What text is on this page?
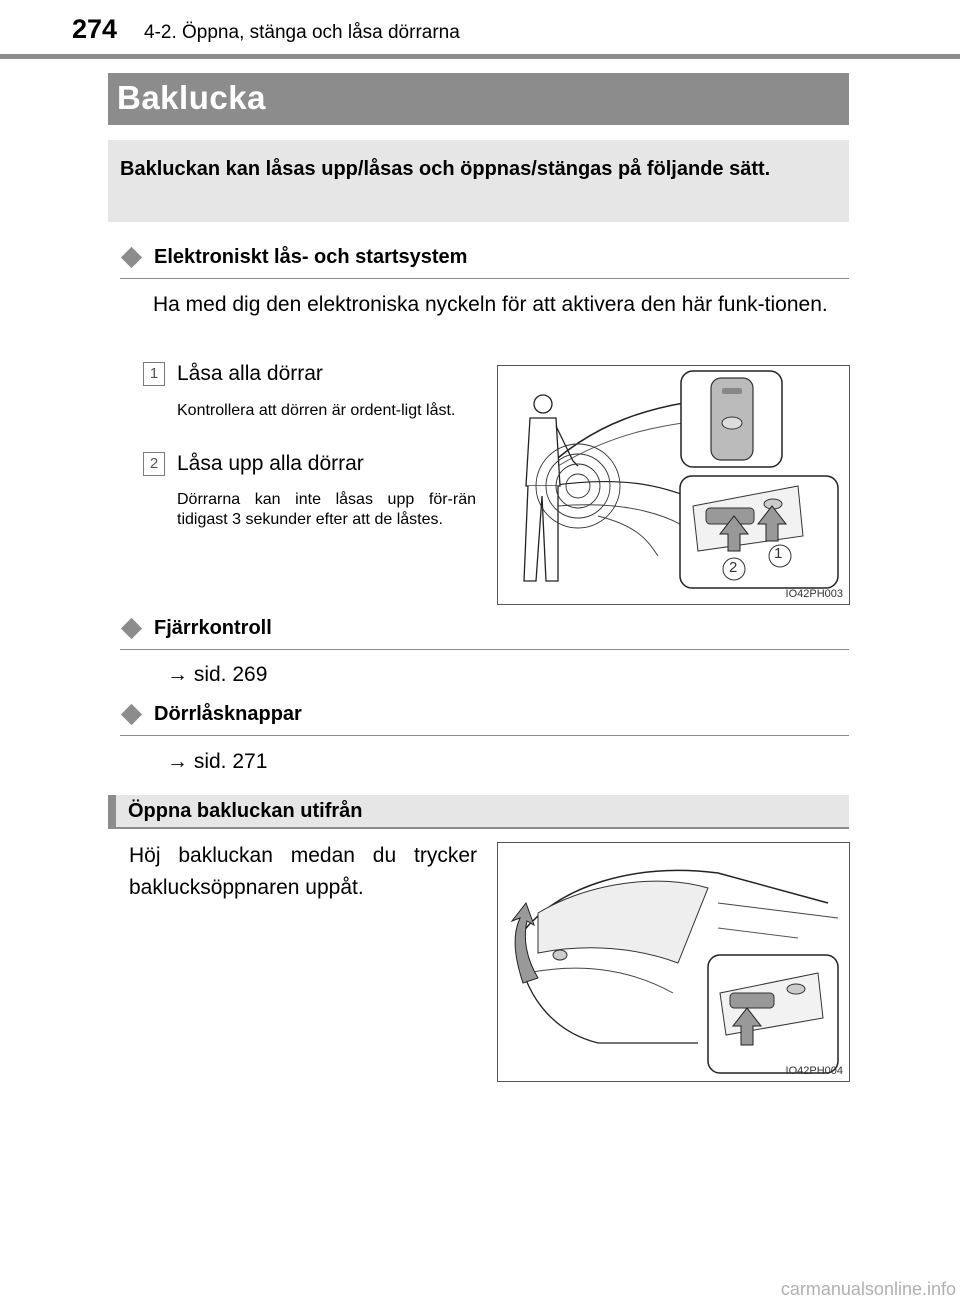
274 4-2. Öppna, stänga och låsa dörrarna
Baklucka
Bakluckan kan låsas upp/låsas och öppnas/stängas på följande sätt.
Elektroniskt lås- och startsystem
Ha med dig den elektroniska nyckeln för att aktivera den här funk-tionen.
1 Låsa alla dörrar
Kontrollera att dörren är ordent-ligt låst.
2 Låsa upp alla dörrar
Dörrarna kan inte låsas upp för-rän tidigast 3 sekunder efter att de låstes.
1
2
IO42PH003
Fjärrkontroll
→ sid. 269
Dörrlåsknappar
→ sid. 271
Öppna bakluckan utifrån
Höj bakluckan medan du trycker baklucksöppnaren uppåt.
IO42PH004
carmanualsonline.info
